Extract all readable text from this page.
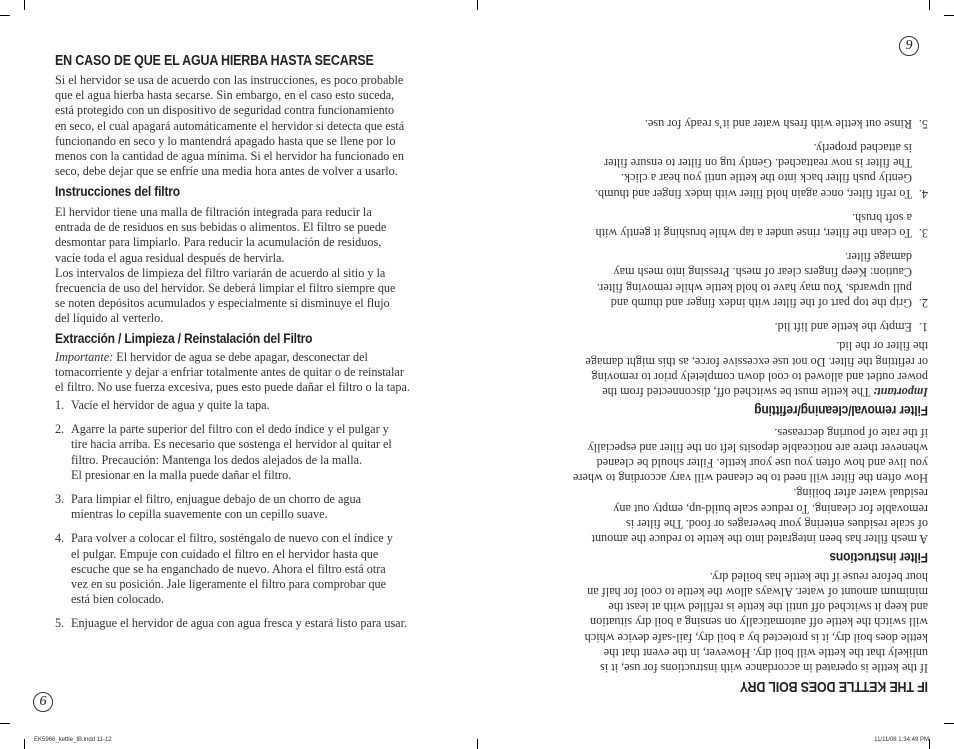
EN CASO DE QUE EL AGUA HIERBA HASTA SECARSE
Si el hervidor se usa de acuerdo con las instrucciones, es poco probable
que el agua hierba hasta secarse. Sin embargo, en el caso esto suceda,
está protegido con un dispositivo de seguridad contra funcionamiento
en seco, el cual apagará automáticamente el hervidor si detecta que está
funcionando en seco y lo mantendrá apagado hasta que se llene por lo
menos con la cantidad de agua mínima. Si el hervidor ha funcionado en
seco, debe dejar que se enfríe una media hora antes de volver a usarlo.
Instrucciones del filtro
El hervidor tiene una malla de filtración integrada para reducir la
entrada de de residuos en sus bebidas o alimentos. El filtro se puede
desmontar para limpiarlo. Para reducir la acumulación de residuos,
vacíe toda el agua residual después de hervirla.
Los intervalos de limpieza del filtro variarán de acuerdo al sitio y la
frecuencia de uso del hervidor. Se deberá limpiar el filtro siempre que
se noten depósitos acumulados y especialmente si disminuye el flujo
del líquido al verterlo.
Extracción / Limpieza / Reinstalación del Filtro
Importante: El hervidor de agua se debe apagar, desconectar del
tomacorriente y dejar a enfriar totalmente antes de quitar o de reinstalar
el filtro. No use fuerza excesiva, pues esto puede dañar el filtro o la tapa.
1. Vacíe el hervidor de agua y quite la tapa.
2. Agarre la parte superior del filtro con el dedo índice y el pulgar y
tire hacia arriba. Es necesario que sostenga el hervidor al quitar el
filtro. Precaución: Mantenga los dedos alejados de la malla.
El presionar en la malla puede dañar el filtro.
3. Para limpiar el filtro, enjuague debajo de un chorro de agua
mientras lo cepilla suavemente con un cepillo suave.
4. Para volver a colocar el filtro, sosténgalo de nuevo con el índice y
el pulgar. Empuje con cuidado el filtro en el hervidor hasta que
escuche que se ha enganchado de nuevo. Ahora el filtro está otra
vez en su posición. Jale ligeramente el filtro para comprobar que
está bien colocado.
5. Enjuague el hervidor de agua con agua fresca y estará listo para usar.
6
EK5966_kettle_IB.indd 11-12
IF THE KETTLE DOES BOIL DRY
If the kettle is operated in accordance with instructions for use, it is
unlikely that the kettle will boil dry. However, in the event that the
kettle does boil dry, it is protected by a boil dry, fail-safe device which
will switch the kettle off automatically on sensing a boil dry situation
and keep it switched off until the kettle is refilled with at least the
minimum amount of water. Always allow the kettle to cool for half an
hour before reuse if the kettle has boiled dry.
Filter instructions
A mesh filter has been integrated into the kettle to reduce the amount
of scale residues entering your beverages or food. The filter is
removable for cleaning. To reduce scale build-up, empty out any
residual water after boiling.
How often the filter will need to be cleaned will vary according to where
you live and how often you use your kettle. Filter should be cleaned
whenever there are noticeable deposits left on the filter and especially
if the rate of pouring decreases.
Filter removal/cleaning/refitting
Important: The kettle must be switched off, disconnected from the
power outlet and allowed to cool down completely prior to removing
or refitting the filter. Do not use excessive force, as this might damage
the filter or the lid.
1.
Empty the kettle and lift lid.
2.
Grip the top part of the filter with index finger and thumb and
pull upwards. You may have to hold kettle while removing filter.
Caution: Keep fingers clear of mesh. Pressing into mesh may
damage filter.
3.
To clean the filter, rinse under a tap while brushing it gently with
a soft brush.
4.
To refit filter, once again hold filter with index finger and thumb.
Gently push filter back into the kettle until you hear a click.
The filter is now reattached. Gently tug on filter to ensure filter
is attached properly.
5.
Rinse out kettle with fresh water and it’s ready for use.
9
11/11/08 1:34:49 PM
